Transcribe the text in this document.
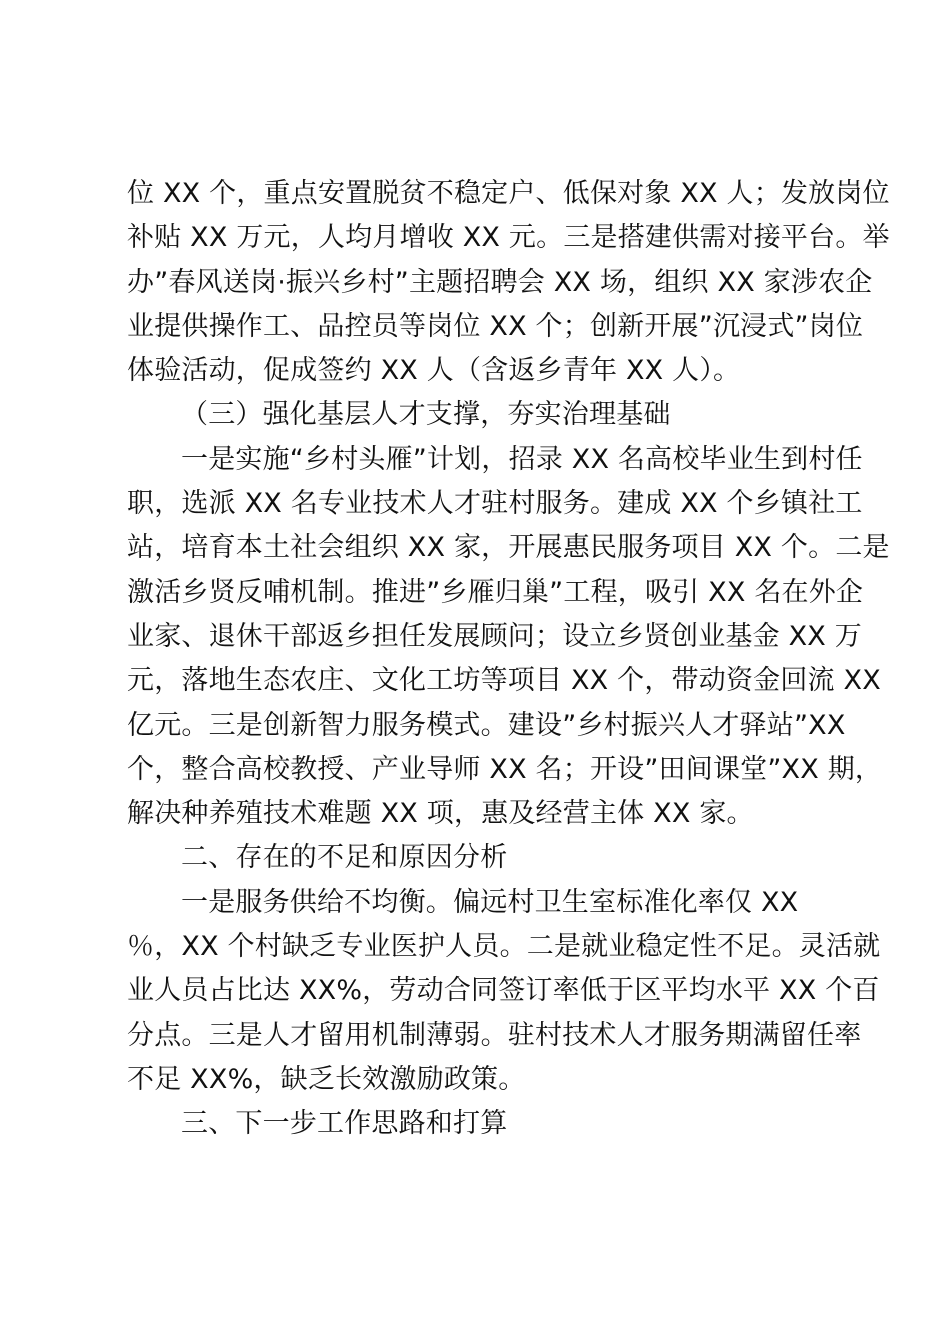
位 XX 个，重点安置脱贫不稳定户、低保对象 XX 人；发放岗位
补贴 XX 万元，人均月增收 XX 元。三是搭建供需对接平台。举
办”春风送岗·振兴乡村”主题招聘会 XX 场，组织 XX 家涉农企
业提供操作工、品控员等岗位 XX 个；创新开展”沉浸式”岗位
体验活动，促成签约 XX 人（含返乡青年 XX 人）。
（三）强化基层人才支撑，夯实治理基础
一是实施“乡村头雁”计划，招录 XX 名高校毕业生到村任
职，选派 XX 名专业技术人才驻村服务。建成 XX 个乡镇社工
站，培育本土社会组织 XX 家，开展惠民服务项目 XX 个。二是
激活乡贤反哺机制。推进”乡雁归巢”工程，吸引 XX 名在外企
业家、退休干部返乡担任发展顾问；设立乡贤创业基金 XX 万
元，落地生态农庄、文化工坊等项目 XX 个，带动资金回流 XX
亿元。三是创新智力服务模式。建设”乡村振兴人才驿站”XX
个，整合高校教授、产业导师 XX 名；开设”田间课堂”XX 期，
解决种养殖技术难题 XX 项，惠及经营主体 XX 家。
二、存在的不足和原因分析
一是服务供给不均衡。偏远村卫生室标准化率仅 XX
％，XX 个村缺乏专业医护人员。二是就业稳定性不足。灵活就
业人员占比达 XX%，劳动合同签订率低于区平均水平 XX 个百
分点。三是人才留用机制薄弱。驻村技术人才服务期满留任率
不足 XX%，缺乏长效激励政策。
三、下一步工作思路和打算
